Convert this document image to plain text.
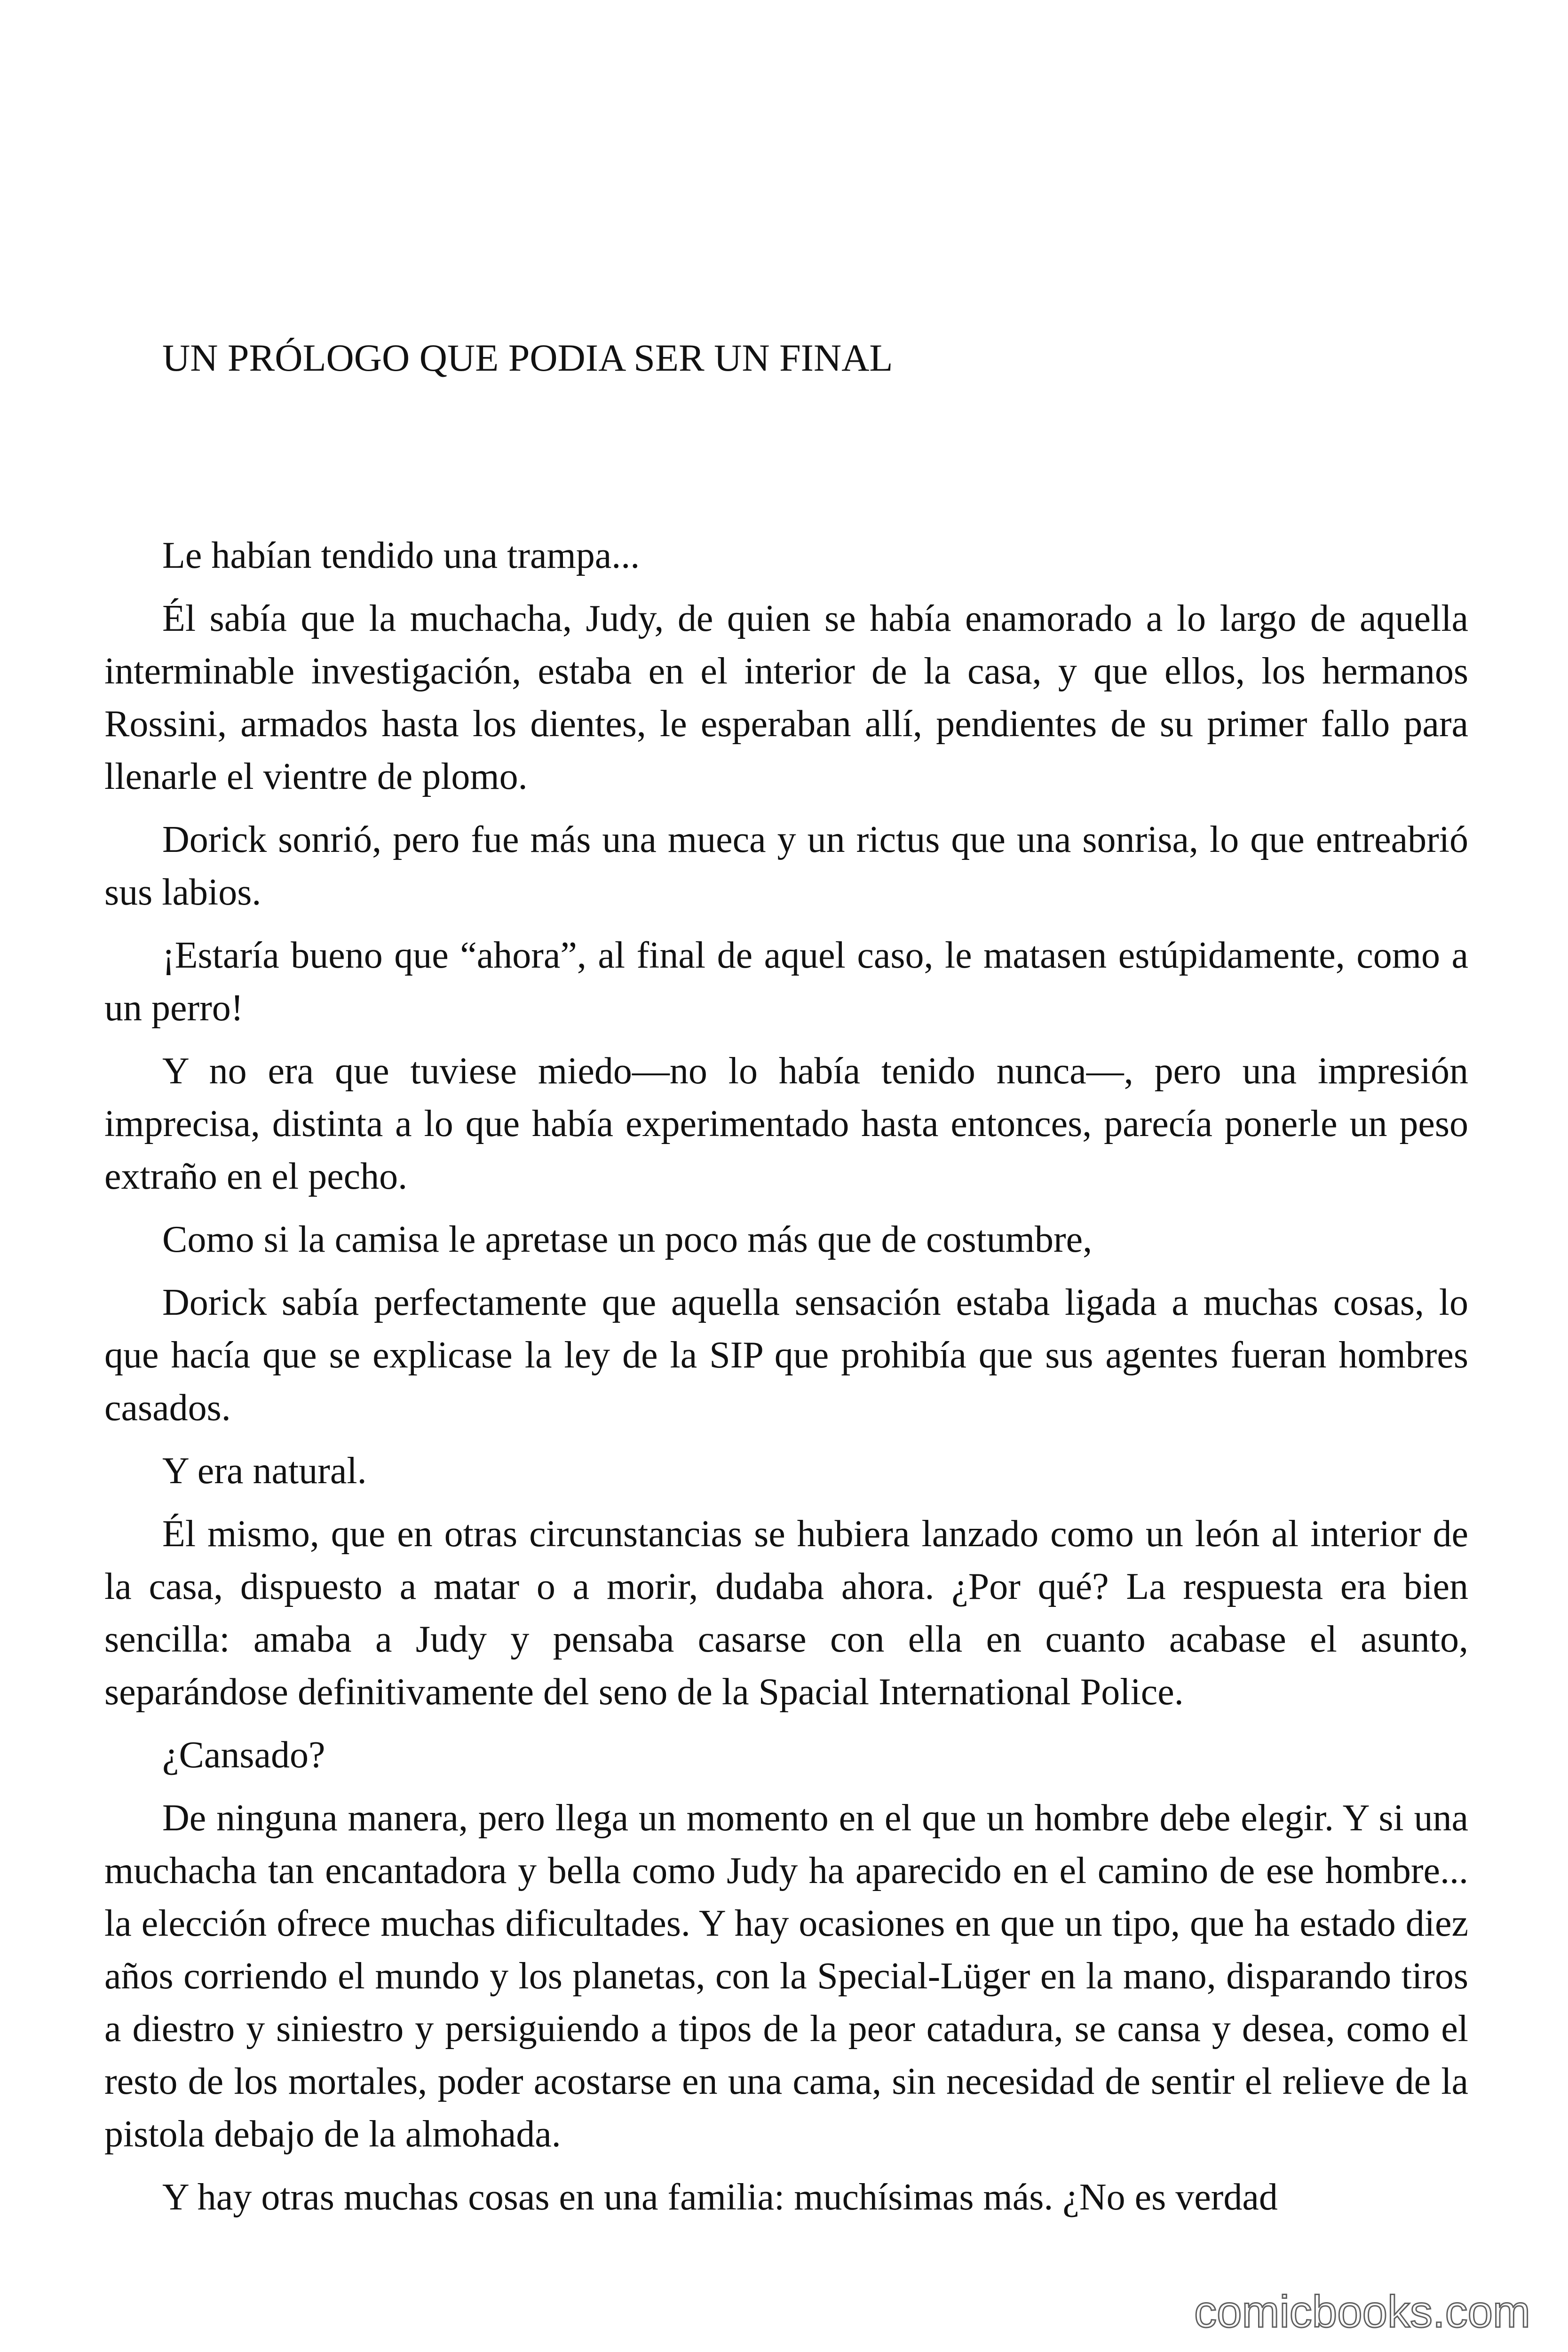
UN PRÓLOGO QUE PODIA SER UN FINAL

Le habían tendido una trampa...

Él sabía que la muchacha, Judy, de quien se había enamorado a lo largo de aquella interminable investigación, estaba en el interior de la casa, y que ellos, los hermanos Rossini, armados hasta los dientes, le esperaban allí, pendientes de su primer fallo para llenarle el vientre de plomo.

Dorick sonrió, pero fue más una mueca y un rictus que una sonrisa, lo que entreabrió sus labios.

¡Estaría bueno que “ahora”, al final de aquel caso, le matasen estúpidamente, como a un perro!

Y no era que tuviese miedo—no lo había tenido nunca—, pero una impresión imprecisa, distinta a lo que había experimentado hasta entonces, parecía ponerle un peso extraño en el pecho.

Como si la camisa le apretase un poco más que de costumbre,

Dorick sabía perfectamente que aquella sensación estaba ligada a muchas cosas, lo que hacía que se explicase la ley de la SIP que prohibía que sus agentes fueran hombres casados.

Y era natural.

Él mismo, que en otras circunstancias se hubiera lanzado como un león al interior de la casa, dispuesto a matar o a morir, dudaba ahora. ¿Por qué? La respuesta era bien sencilla: amaba a Judy y pensaba casarse con ella en cuanto acabase el asunto, separándose definitivamente del seno de la Spacial International Police.

¿Cansado?

De ninguna manera, pero llega un momento en el que un hombre debe elegir. Y si una muchacha tan encantadora y bella como Judy ha aparecido en el camino de ese hombre... la elección ofrece muchas dificultades. Y hay ocasiones en que un tipo, que ha estado diez años corriendo el mundo y los planetas, con la Special-Lüger en la mano, disparando tiros a diestro y siniestro y persiguiendo a tipos de la peor catadura, se cansa y desea, como el resto de los mortales, poder acostarse en una cama, sin necesidad de sentir el relieve de la pistola debajo de la almohada.

Y hay otras muchas cosas en una familia: muchísimas más. ¿No es verdad

comicbooks.com
